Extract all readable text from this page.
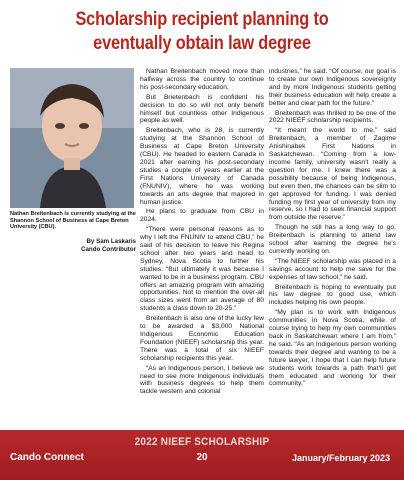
Scholarship recipient planning to
eventually obtain law degree
Nathan Breitenbach is currently studying at the Shannon School of Business at Cape Breton University (CBU).
By Sam Laskaris
Cando Contributor

Nathan Breitenbach moved more than halfway across the country to continue his post-secondary education.

But Brietenbach is confident his decision to do so will not only benefit himself but countless other Indigenous people as well.

Breitenbach, who is 28, is currently studying at the Shannon School of Business at Cape Breton University (CBU). He headed to eastern Canada in 2021 after earning his post-secondary studies a couple of years earlier at the First Nations University of Canada (FNUNIV), where he was working towards an arts degree that majored in human justice.

He plans to graduate from CBU in 2024.

“There were personal reasons as to why I left the FNUNIV to attend CBU,” he said of his decision to leave his Regina school after two years and head to Sydney, Nova Scotia to further his studies. “But ultimately it was because I wanted to be in a business program. CBU offers an amazing program with amazing opportunities. Not to mention the over-all class sizes went from an average of 80 students a class down to 20-25.”

Breitenbach is also one of the lucky few to be awarded a $3,000 National Indigenous Economic Education Foundation (NIEEF) scholarship this year. There was a total of six NIEEF scholarship recipients this year.

“As an Indigenous person, I believe we need to see more Indigenous individuals with business degrees to help them tackle western and colonial

industries,” he said. “Of course, our goal is to create our own Indigenous sovereignty and by more Indigenous students getting their business education will help create a better and clear path for the future.”

Breitenbach was thrilled to be one of the 2022 NIEEF scholarship recipients.

“It meant the world to me,” said Breitenbach, a member of Zagime Anishinabek First Nations in Saskatchewan. “Coming from a low-income family, university wasn’t really a question for me. I knew there was a possibility because of being Indigenous, but even then, the chances can be slim to get approved for funding. I was denied funding my first year of university from my reserve, so I had to seek financial support from outside the reserve.”

Though he still has a long way to go, Breitenbach is planning to attend law school after earning the degree he’s currently working on.

“The NIEEF scholarship was placed in a savings account to help me save for the expenses of law school,” he said.

Breitenbach is hoping to eventually put his law degree to good use, which includes helping his own people.

“My plan is to work with Indigenous communities in Nova Scotia, while of course trying to help my own communities back in Saskatchewan where I am from,” he said. “As an Indigenous person working towards their degree and wanting to be a future lawyer, I hope that I can help future students work towards a path that’ll get them educated and working for their community.”

2022 NIEEF SCHOLARSHIP
Cando Connect	20	January/February 2023
